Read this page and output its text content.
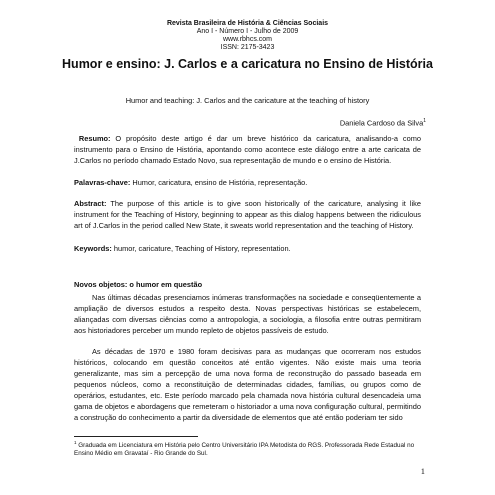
Revista Brasileira de História & Ciências Sociais
Ano I - Número I - Julho de 2009
www.rbhcs.com
ISSN: 2175-3423
Humor e ensino: J. Carlos e a caricatura no Ensino de História
Humor and teaching: J. Carlos and the caricature at the teaching of history
Daniela Cardoso da Silva$^1$

Resumo: O propósito deste artigo é dar um breve histórico da caricatura, analisando-a como instrumento para o Ensino de História, apontando como acontece este diálogo entre a arte caricata de J.Carlos no período chamado Estado Novo, sua representação de mundo e o ensino de História.

Palavras-chave: Humor, caricatura, ensino de História, representação.

Abstract: The purpose of this article is to give soon historically of the caricature, analysing it like instrument for the Teaching of History, beginning to appear as this dialog happens between the ridiculous art of J.Carlos in the period called New State, it sweats world representation and the teaching of History.

Keywords: humor, caricature, Teaching of History, representation.

Novos objetos: o humor em questão

Nas últimas décadas presenciamos inúmeras transformações na sociedade e conseqüentemente a ampliação de diversos estudos a respeito desta. Novas perspectivas históricas se estabelecem, aliançadas com diversas ciências como a antropologia, a sociologia, a filosofia entre outras permitiram aos historiadores perceber um mundo repleto de objetos passíveis de estudo.

As décadas de 1970 e 1980 foram decisivas para as mudanças que ocorreram nos estudos históricos, colocando em questão conceitos até então vigentes. Não existe mais uma teoria generalizante, mas sim a percepção de uma nova forma de reconstrução do passado baseada em pequenos núcleos, como a reconstituição de determinadas cidades, famílias, ou grupos como de operários, estudantes, etc. Este período marcado pela chamada nova história cultural desencadeia uma gama de objetos e abordagens que remeteram o historiador a uma nova configuração cultural, permitindo a construção do conhecimento a partir da diversidade de elementos que até então poderiam ter sido

$^1$ Graduada em Licenciatura em História pelo Centro Universitário IPA Metodista do RGS. Professorada Rede Estadual no Ensino Médio em Gravataí - Rio Grande do Sul.

1
